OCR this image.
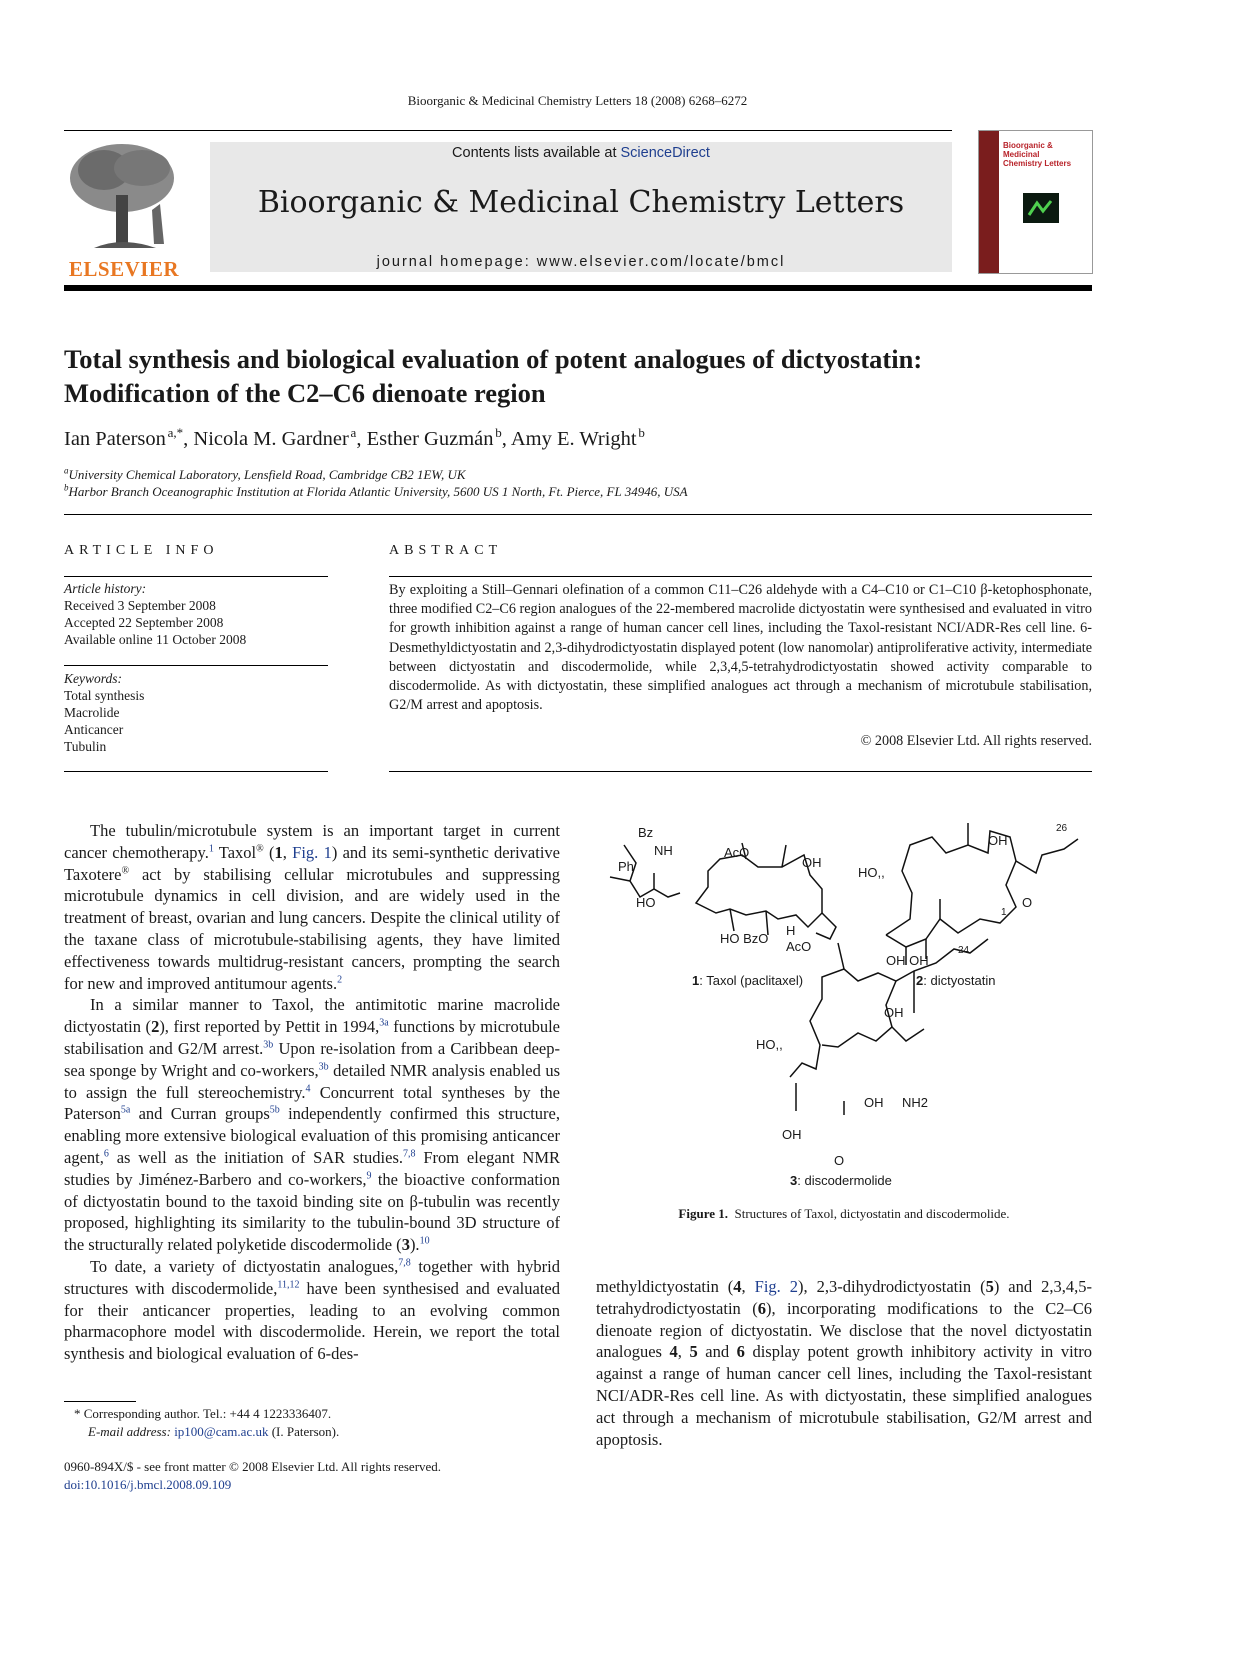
Bioorganic & Medicinal Chemistry Letters 18 (2008) 6268–6272
ELSEVIER
Contents lists available at ScienceDirect
Bioorganic & Medicinal Chemistry Letters
journal homepage: www.elsevier.com/locate/bmcl
Bioorganic & Medicinal
Chemistry Letters
Total synthesis and biological evaluation of potent analogues of dictyostatin:
Modification of the C2–C6 dienoate region
Ian Paterson  $^{a,*}$, Nicola M. Gardner  $^a$, Esther Guzmán  $^b$, Amy E. Wright  $^b$
$^a$University Chemical Laboratory, Lensfield Road, Cambridge CB2 1EW, UK
$^b$Harbor Branch Oceanographic Institution at Florida Atlantic University, 5600 US 1 North, Ft. Pierce, FL 34946, USA
ARTICLE INFO
Article history:
Received 3 September 2008
Accepted 22 September 2008
Available online 11 October 2008
Keywords:
Total synthesis
Macrolide
Anticancer
Tubulin
ABSTRACT
By exploiting a Still–Gennari olefination of a common C11–C26 aldehyde with a C4–C10 or C1–C10 β-ketophosphonate, three modified C2–C6 region analogues of the 22-membered macrolide dictyostatin were synthesised and evaluated in vitro for growth inhibition against a range of human cancer cell lines, including the Taxol-resistant NCI/ADR-Res cell line. 6-Desmethyldictyostatin and 2,3-dihydrodictyostatin displayed potent (low nanomolar) antiproliferative activity, intermediate between dictyostatin and discodermolide, while 2,3,4,5-tetrahydrodictyostatin showed activity comparable to discodermolide. As with dictyostatin, these simplified analogues act through a mechanism of microtubule stabilisation, G2/M arrest and apoptosis.
© 2008 Elsevier Ltd. All rights reserved.

The tubulin/microtubule system is an important target in current cancer chemotherapy.$^1$ Taxol® (1, Fig. 1) and its semi-synthetic derivative Taxotere® act by stabilising cellular microtubules and suppressing microtubule dynamics in cell division, and are widely used in the treatment of breast, ovarian and lung cancers. Despite the clinical utility of the taxane class of microtubule-stabilising agents, they have limited effectiveness towards multidrug-resistant cancers, prompting the search for new and improved antitumour agents.$^2$

In a similar manner to Taxol, the antimitotic marine macrolide dictyostatin (2), first reported by Pettit in 1994,$^{3a}$ functions by microtubule stabilisation and G2/M arrest.$^{3b}$ Upon re-isolation from a Caribbean deep-sea sponge by Wright and co-workers,$^{3b}$ detailed NMR analysis enabled us to assign the full stereochemistry.$^4$ Concurrent total syntheses by the Paterson$^{5a}$ and Curran groups$^{5b}$ independently confirmed this structure, enabling more extensive biological evaluation of this promising anticancer agent,$^6$ as well as the initiation of SAR studies.$^{7,8}$ From elegant NMR studies by Jiménez-Barbero and co-workers,$^9$ the bioactive conformation of dictyostatin bound to the taxoid binding site on β-tubulin was recently proposed, highlighting its similarity to the tubulin-bound 3D structure of the structurally related polyketide discodermolide (3).$^{10}$

To date, a variety of dictyostatin analogues,$^{7,8}$ together with hybrid structures with discodermolide,$^{11,12}$ have been synthesised and evaluated for their anticancer properties, leading to an evolving common pharmacophore model with discodermolide. Herein, we report the total synthesis and biological evaluation of 6-des-

* Corresponding author. Tel.: +44 4 1223336407.
E-mail address: ip100@cam.ac.uk (I. Paterson).
0960-894X/$ - see front matter © 2008 Elsevier Ltd. All rights reserved.
doi:10.1016/j.bmcl.2008.09.109
Bz
NH
Ph
HO
AcO
OH
HO BzO
H
AcO
HO,,
OH
26
1
O
OH OH
HO,,
OH
24
NH2
OH
OH
O
1: Taxol (paclitaxel)	2: dictyostatin
3: discodermolide
Figure 1. Structures of Taxol, dictyostatin and discodermolide.

methyldictyostatin (4, Fig. 2), 2,3-dihydrodictyostatin (5) and 2,3,4,5-tetrahydrodictyostatin (6), incorporating modifications to the C2–C6 dienoate region of dictyostatin. We disclose that the novel dictyostatin analogues 4, 5 and 6 display potent growth inhibitory activity in vitro against a range of human cancer cell lines, including the Taxol-resistant NCI/ADR-Res cell line. As with dictyostatin, these simplified analogues act through a mechanism of microtubule stabilisation, G2/M arrest and apoptosis.
